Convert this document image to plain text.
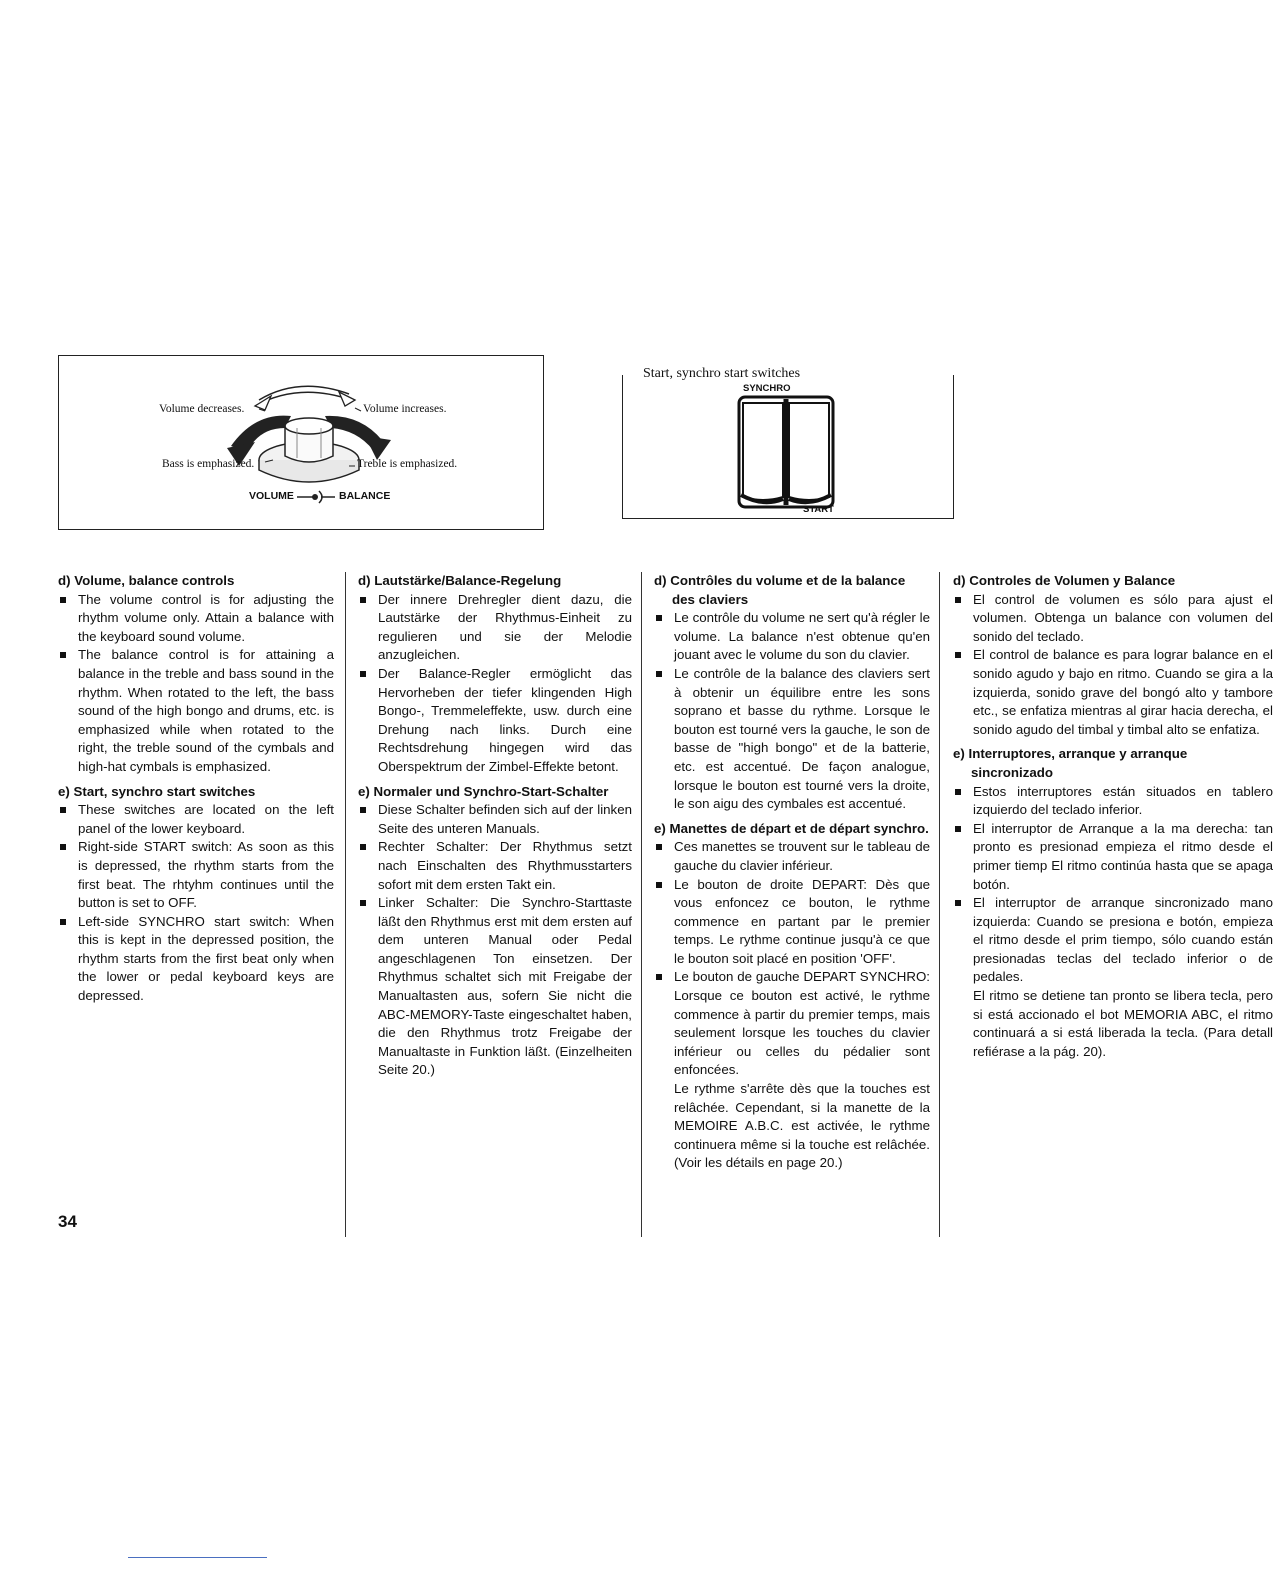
Volume decreases.	Volume increases.
Bass is emphasized.	Treble is emphasized.
VOLUME	BALANCE
SYNCHRO
START
Start, synchro start switches
d) Volume, balance controls
The volume control is for adjusting the rhythm volume only. Attain a balance with the keyboard sound volume.
The balance control is for attaining a balance in the treble and bass sound in the rhythm. When rotated to the left, the bass sound of the high bongo and drums, etc. is emphasized while when rotated to the right, the treble sound of the cymbals and high-hat cymbals is emphasized.
e) Start, synchro start switches
These switches are located on the left panel of the lower keyboard.
Right-side START switch: As soon as this is depressed, the rhythm starts from the first beat. The rhtyhm continues until the button is set to OFF.
Left-side SYNCHRO start switch: When this is kept in the depressed position, the rhythm starts from the first beat only when the lower or pedal keyboard keys are depressed.
d) Lautstärke/Balance-Regelung
Der innere Drehregler dient dazu, die Lautstärke der Rhythmus-Einheit zu regulieren und sie der Melodie anzugleichen.
Der Balance-Regler ermöglicht das Hervorheben der tiefer klingenden High Bongo-, Tremmeleffekte, usw. durch eine Drehung nach links. Durch eine Rechtsdrehung hingegen wird das Oberspektrum der Zimbel-Effekte betont.
e) Normaler und Synchro-Start-Schalter
Diese Schalter befinden sich auf der linken Seite des unteren Manuals.
Rechter Schalter: Der Rhythmus setzt nach Einschalten des Rhythmusstarters sofort mit dem ersten Takt ein.
Linker Schalter: Die Synchro-Starttaste läßt den Rhythmus erst mit dem ersten auf dem unteren Manual oder Pedal angeschlagenen Ton einsetzen. Der Rhythmus schaltet sich mit Freigabe der Manualtasten aus, sofern Sie nicht die ABC-MEMORY-Taste eingeschaltet haben, die den Rhythmus trotz Freigabe der Manualtaste in Funktion läßt. (Einzelheiten Seite 20.)
d) Contrôles du volume et de la balance des claviers
Le contrôle du volume ne sert qu'à régler le volume. La balance n'est obtenue qu'en jouant avec le volume du son du clavier.
Le contrôle de la balance des claviers sert à obtenir un équilibre entre les sons soprano et basse du rythme. Lorsque le bouton est tourné vers la gauche, le son de basse de "high bongo" et de la batterie, etc. est accentué. De façon analogue, lorsque le bouton est tourné vers la droite, le son aigu des cymbales est accentué.
e) Manettes de départ et de départ synchro.
Ces manettes se trouvent sur le tableau de gauche du clavier inférieur.
Le bouton de droite DEPART: Dès que vous enfoncez ce bouton, le rythme commence en partant par le premier temps. Le rythme continue jusqu'à ce que le bouton soit placé en position 'OFF'.
Le bouton de gauche DEPART SYNCHRO: Lorsque ce bouton est activé, le rythme commence à partir du premier temps, mais seulement lorsque les touches du clavier inférieur ou celles du pédalier sont enfoncées.

Le rythme s'arrête dès que la touches est relâchée. Cependant, si la manette de la MEMOIRE A.B.C. est activée, le rythme continuera même si la touche est relâchée. (Voir les détails en page 20.)

d) Controles de Volumen y Balance
El control de volumen es sólo para ajust el volumen. Obtenga un balance con volumen del sonido del teclado.
El control de balance es para lograr balance en el sonido agudo y bajo en ritmo. Cuando se gira a la izquierda, sonido grave del bongó alto y tambore etc., se enfatiza mientras al girar hacia derecha, el sonido agudo del timbal y timbal alto se enfatiza.
e) Interruptores, arranque y arranque sincronizado
Estos interruptores están situados en tablero izquierdo del teclado inferior.
El interruptor de Arranque a la ma derecha: tan pronto es presionad empieza el ritmo desde el primer tiemp El ritmo continúa hasta que se apaga botón.
El interruptor de arranque sincronizado mano izquierda: Cuando se presiona e botón, empieza el ritmo desde el prim tiempo, sólo cuando están presionadas teclas del teclado inferior o de pedales.

El ritmo se detiene tan pronto se libera tecla, pero si está accionado el bot MEMORIA ABC, el ritmo continuará a si está liberada la tecla. (Para detall refiérase a la pág. 20).

34
